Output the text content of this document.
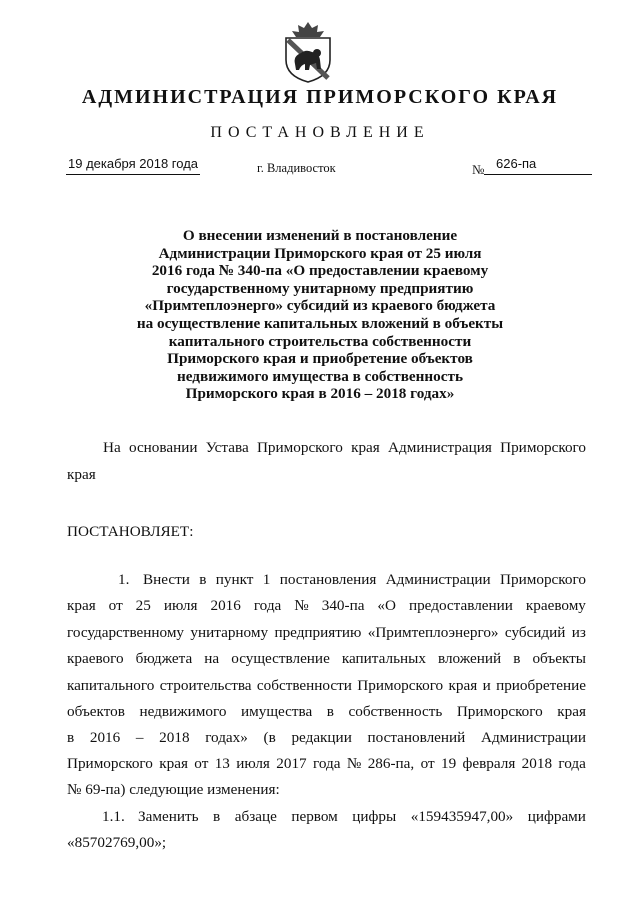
АДМИНИСТРАЦИЯ ПРИМОРСКОГО КРАЯ
ПОСТАНОВЛЕНИЕ
19 декабря 2018 года	г. Владивосток	№ 626-па
О внесении изменений в постановление
Администрации Приморского края от 25 июля
2016 года № 340-па «О предоставлении краевому
государственному унитарному предприятию
«Примтеплоэнерго» субсидий из краевого бюджета
на осуществление капитальных вложений в объекты
капитального строительства собственности
Приморского края и приобретение объектов
недвижимого имущества в собственность
Приморского края в 2016 – 2018 годах»
На основании Устава Приморского края Администрация Приморского
края
ПОСТАНОВЛЯЕТ:
1. Внести в пункт 1 постановления Администрации Приморского
края от 25 июля 2016 года № 340-па «О предоставлении краевому
государственному унитарному предприятию «Примтеплоэнерго» субсидий из
краевого бюджета на осуществление капитальных вложений в объекты
капитального строительства собственности Приморского края и приобретение
объектов недвижимого имущества в собственность Приморского края
в 2016 – 2018 годах» (в редакции постановлений Администрации
Приморского края от 13 июля 2017 года № 286-па, от 19 февраля 2018 года
№ 69-па) следующие изменения:
1.1. Заменить в абзаце первом цифры «159435947,00» цифрами
«85702769,00»;
